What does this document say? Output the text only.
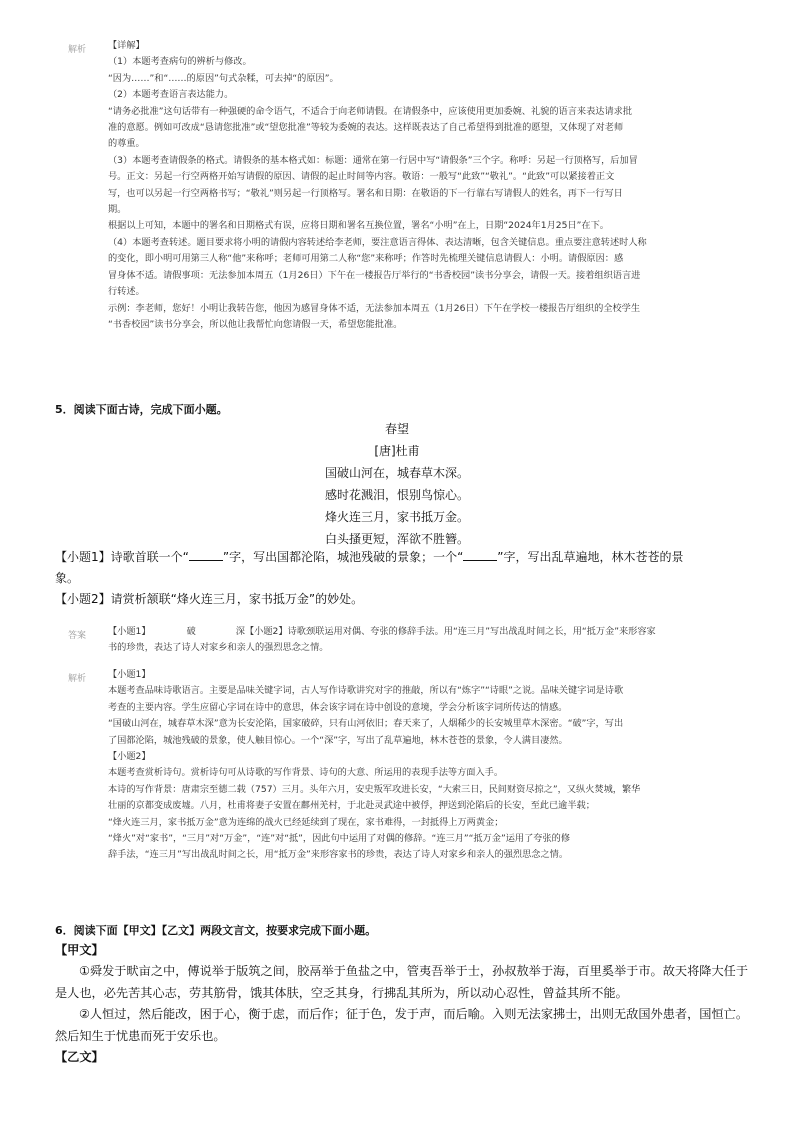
解析 【详解】
（1）本题考查病句的辨析与修改。
“因为……”和“……的原因”句式杂糅，可去掉“的原因”。
（2）本题考查语言表达能力。
“请务必批准”这句话带有一种强硬的命令语气，不适合于向老师请假。在请假条中，应该使用更加委婉、礼貌的语言来表达请求批
准的意愿。例如可改成“恳请您批准”或“望您批准”等较为委婉的表达。这样既表达了自己希望得到批准的愿望，又体现了对老师
的尊重。
（3）本题考查请假条的格式。请假条的基本格式如：标题：通常在第一行居中写“请假条”三个字。称呼：另起一行顶格写，后加冒
号。正文：另起一行空两格开始写请假的原因、请假的起止时间等内容。敬语：一般写“此致”“敬礼”。“此致”可以紧接着正文
写，也可以另起一行空两格书写；“敬礼”则另起一行顶格写。署名和日期：在敬语的下一行靠右写请假人的姓名，再下一行写日
期。
根据以上可知，本题中的署名和日期格式有误，应将日期和署名互换位置，署名“小明”在上，日期“2024年1月25日”在下。
（4）本题考查转述。题目要求将小明的请假内容转述给李老师，要注意语言得体、表达清晰，包含关键信息。重点要注意转述时人称
的变化，即小明可用第三人称“他”来称呼；老师可用第二人称“您”来称呼；作答时先梳理关键信息请假人：小明。请假原因：感
冒身体不适。请假事项：无法参加本周五（1月26日）下午在一楼报告厅举行的“书香校园”读书分享会，请假一天。接着组织语言进
行转述。
示例：李老师，您好！小明让我转告您，他因为感冒身体不适，无法参加本周五（1月26日）下午在学校一楼报告厅组织的全校学生
“书香校园”读书分享会，所以他让我帮忙向您请假一天，希望您能批准。
5．阅读下面古诗，完成下面小题。
春望
[唐]杜甫
国破山河在，城春草木深。
感时花溅泪，恨别鸟惊心。
烽火连三月，家书抵万金。
白头搔更短，浑欲不胜簪。
【小题1】诗歌首联一个“	”字，写出国都沦陷，城池残破的景象；一个“	”字，写出乱草遍地，林木苍苍的景
象。
【小题2】请赏析颔联“烽火连三月，家书抵万金”的妙处。
答案 【小题1】	破	深【小题2】诗歌颈联运用对偶、夸张的修辞手法。用“连三月”写出战乱时间之长，用“抵万金”来形容家
书的珍贵，表达了诗人对家乡和亲人的强烈思念之情。
解析 【小题1】
本题考查品味诗歌语言。主要是品味关键字词，古人写作诗歌讲究对字的推敲，所以有“炼字”“诗眼”之说。品味关键字词是诗歌
考查的主要内容。学生应留心字词在诗中的意思，体会该字词在诗中创设的意境，学会分析该字词所传达的情感。
“国破山河在，城春草木深”意为长安沦陷，国家破碎，只有山河依旧；春天来了，人烟稀少的长安城里草木深密。“破”字，写出
了国都沦陷，城池残破的景象，使人触目惊心。一个“深”字，写出了乱草遍地，林木苍苍的景象，令人满目凄然。
【小题2】
本题考查赏析诗句。赏析诗句可从诗歌的写作背景、诗句的大意、所运用的表现手法等方面入手。
本诗的写作背景：唐肃宗至德二载（757）三月。头年六月，安史叛军攻进长安，“大索三日，民间财资尽掠之”，又纵火焚城，繁华
壮丽的京都变成废墟。八月，杜甫将妻子安置在鄜州羌村，于北赴灵武途中被俘，押送到沦陷后的长安，至此已逾半载；
“烽火连三月，家书抵万金”意为连绵的战火已经延续到了现在，家书难得，一封抵得上万两黄金；
“烽火”对“家书”，“三月”对“万金”，“连”对“抵”，因此句中运用了对偶的修辞。“连三月”“抵万金”运用了夸张的修
辞手法，“连三月”写出战乱时间之长，用“抵万金”来形容家书的珍贵，表达了诗人对家乡和亲人的强烈思念之情。
6．阅读下面【甲文】【乙文】两段文言文，按要求完成下面小题。
【甲文】
①舜发于畎亩之中，傅说举于版筑之间，胶鬲举于鱼盐之中，管夷吾举于士，孙叔敖举于海，百里奚举于市。故天将降大任于
是人也，必先苦其心志，劳其筋骨，饿其体肤，空乏其身，行拂乱其所为，所以动心忍性，曾益其所不能。
②人恒过，然后能改，困于心，衡于虑，而后作；征于色，发于声，而后喻。入则无法家拂士，出则无敌国外患者，国恒亡。
然后知生于忧患而死于安乐也。
【乙文】
